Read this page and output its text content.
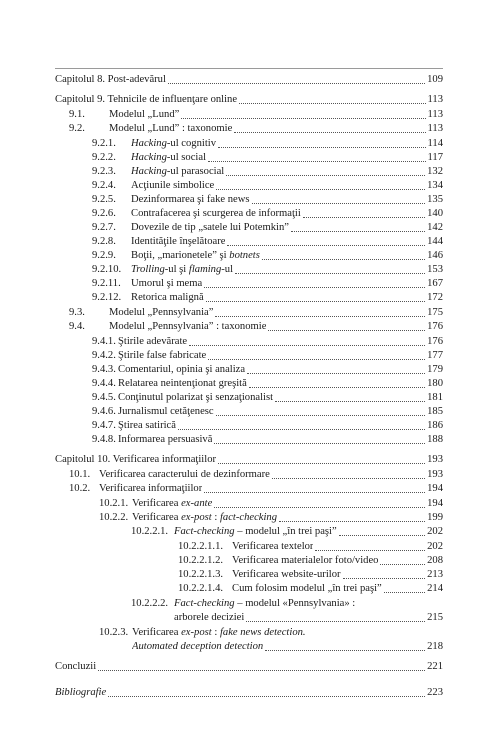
Capitolul 8. Post-adevărul	109
Capitolul 9. Tehnicile de influenţare online	113
9.1.	Modelul „Lund”	113
9.2.	Modelul „Lund” : taxonomie	113
9.2.1.	Hacking-ul cognitiv	114
9.2.2.	Hacking-ul social	117
9.2.3.	Hacking-ul parasocial	132
9.2.4.	Acţiunile simbolice	134
9.2.5.	Dezinformarea şi fake news	135
9.2.6.	Contrafacerea şi scurgerea de informaţii	140
9.2.7.	Dovezile de tip „satele lui Potemkin”	142
9.2.8.	Identităţile înşelătoare	144
9.2.9.	Boţii, „marionetele” şi botnets	146
9.2.10. Trolling-ul şi flaming-ul	153
9.2.11. Umorul şi mema	167
9.2.12. Retorica malignă	172
9.3.	Modelul „Pennsylvania”	175
9.4.	Modelul „Pennsylvania” : taxonomie	176
9.4.1. Ştirile adevărate	176
9.4.2. Ştirile false fabricate	177
9.4.3. Comentariul, opinia şi analiza	179
9.4.4. Relatarea neintenţionat greşită	180
9.4.5. Conţinutul polarizat şi senzaţionalist	181
9.4.6. Jurnalismul cetăţenesc	185
9.4.7. Ştirea satirică	186
9.4.8. Informarea persuasivă	188
Capitolul 10. Verificarea informaţiilor	193
10.1. Verificarea caracterului de dezinformare	193
10.2. Verificarea informaţiilor	194
10.2.1. Verificarea ex-ante	194
10.2.2. Verificarea ex-post : fact-checking	199
10.2.2.1. Fact-checking – modelul „în trei paşi”	202
10.2.2.1.1. Verificarea textelor	202
10.2.2.1.2. Verificarea materialelor foto/video	208
10.2.2.1.3. Verificarea website-urilor	213
10.2.2.1.4. Cum folosim modelul „în trei paşi”	214
10.2.2.2. Fact-checking – modelul «Pennsylvania» :
arborele deciziei	215
10.2.3. Verificarea ex-post : fake news detection.
Automated deception detection	218
Concluzii	221
Bibliografie	223
